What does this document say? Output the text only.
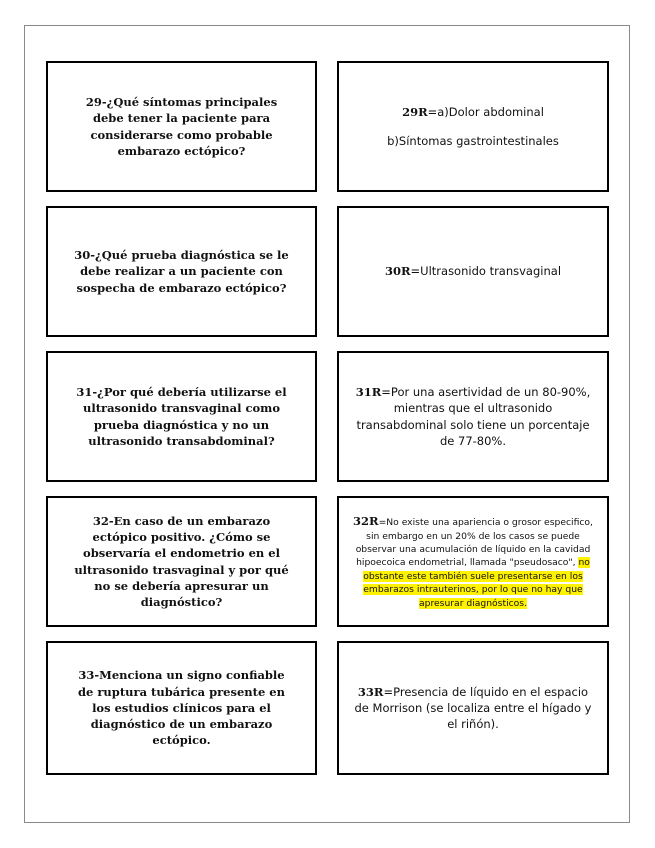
29-¿Qué síntomas principales debe tener la paciente para considerarse como probable embarazo ectópico?
29R=a)Dolor abdominal
b)Síntomas gastrointestinales
30-¿Qué prueba diagnóstica se le debe realizar a un paciente con sospecha de embarazo ectópico?
30R=Ultrasonido transvaginal
31-¿Por qué debería utilizarse el ultrasonido transvaginal como prueba diagnóstica y no un ultrasonido transabdominal?
31R=Por una asertividad de un 80-90%, mientras que el ultrasonido transabdominal solo tiene un porcentaje de 77-80%.
32-En caso de un embarazo ectópico positivo. ¿Cómo se observaría el endometrio en el ultrasonido trasvaginal y por qué no se debería apresurar un diagnóstico?
32R=No existe una apariencia o grosor especifico, sin embargo en un 20% de los casos se puede observar una acumulación de líquido en la cavidad hipoecoica endometrial, llamada "pseudosaco", no obstante este también suele presentarse en los embarazos intrauterinos, por lo que no hay que apresurar diagnósticos.
33-Menciona un signo confiable de ruptura tubárica presente en los estudios clínicos para el diagnóstico de un embarazo ectópico.
33R=Presencia de líquido en el espacio de Morrison (se localiza entre el hígado y el riñón).
